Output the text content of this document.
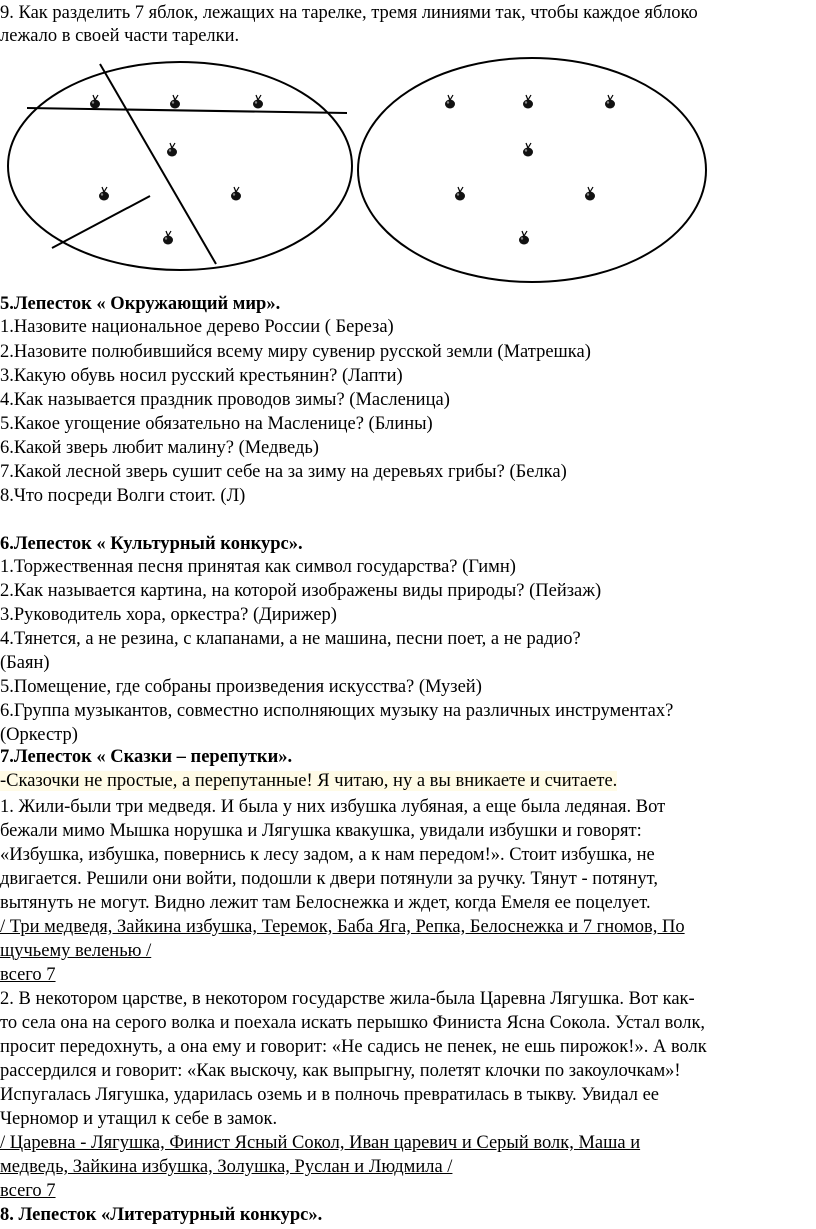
9. Как разделить 7 яблок, лежащих на тарелке, тремя линиями так, чтобы каждое яблоко
лежало в своей части тарелки.
5.Лепесток « Окружающий мир».
1.Назовите национальное дерево России ( Береза)
2.Назовите полюбившийся всему миру сувенир русской земли (Матрешка)
3.Какую обувь носил русский крестьянин? (Лапти)
4.Как называется праздник проводов зимы? (Масленица)
5.Какое угощение обязательно на Масленице? (Блины)
6.Какой зверь любит малину? (Медведь)
7.Какой лесной зверь сушит себе на за зиму на деревьях грибы? (Белка)
8.Что посреди Волги стоит. (Л)
6.Лепесток « Культурный конкурс».
1.Торжественная песня принятая как символ государства? (Гимн)
2.Как называется картина, на которой изображены виды природы? (Пейзаж)
3.Руководитель хора, оркестра? (Дирижер)
4.Тянется, а не резина, с клапанами, а не машина, песни поет, а не радио?
(Баян)
5.Помещение, где собраны произведения искусства? (Музей)
6.Группа музыкантов, совместно исполняющих музыку на различных инструментах?
(Оркестр)
7.Лепесток « Сказки – перепутки».
-Сказочки не простые, а перепутанные! Я читаю, ну а вы вникаете и считаете.
1. Жили-были три медведя. И была у них избушка лубяная, а еще была ледяная. Вот
бежали мимо Мышка норушка и Лягушка квакушка, увидали избушки и говорят:
«Избушка, избушка, повернись к лесу задом, а к нам передом!». Стоит избушка, не
двигается. Решили они войти, подошли к двери потянули за ручку. Тянут - потянут,
вытянуть не могут. Видно лежит там Белоснежка и ждет, когда Емеля ее поцелует.
/ Три медведя, Зайкина избушка, Теремок, Баба Яга, Репка, Белоснежка и 7 гномов, По
щучьему веленью /
всего 7
2. В некотором царстве, в некотором государстве жила-была Царевна Лягушка. Вот как-
то села она на серого волка и поехала искать перышко Финиста Ясна Сокола. Устал волк,
просит передохнуть, а она ему и говорит: «Не садись не пенек, не ешь пирожок!». А волк
рассердился и говорит: «Как выскочу, как выпрыгну, полетят клочки по закоулочкам»!
Испугалась Лягушка, ударилась оземь и в полночь превратилась в тыкву. Увидал ее
Черномор и утащил к себе в замок.
/ Царевна - Лягушка, Финист Ясный Сокол, Иван царевич и Серый волк, Маша и
медведь, Зайкина избушка, Золушка, Руслан и Людмила /
всего 7
8. Лепесток «Литературный конкурс».
